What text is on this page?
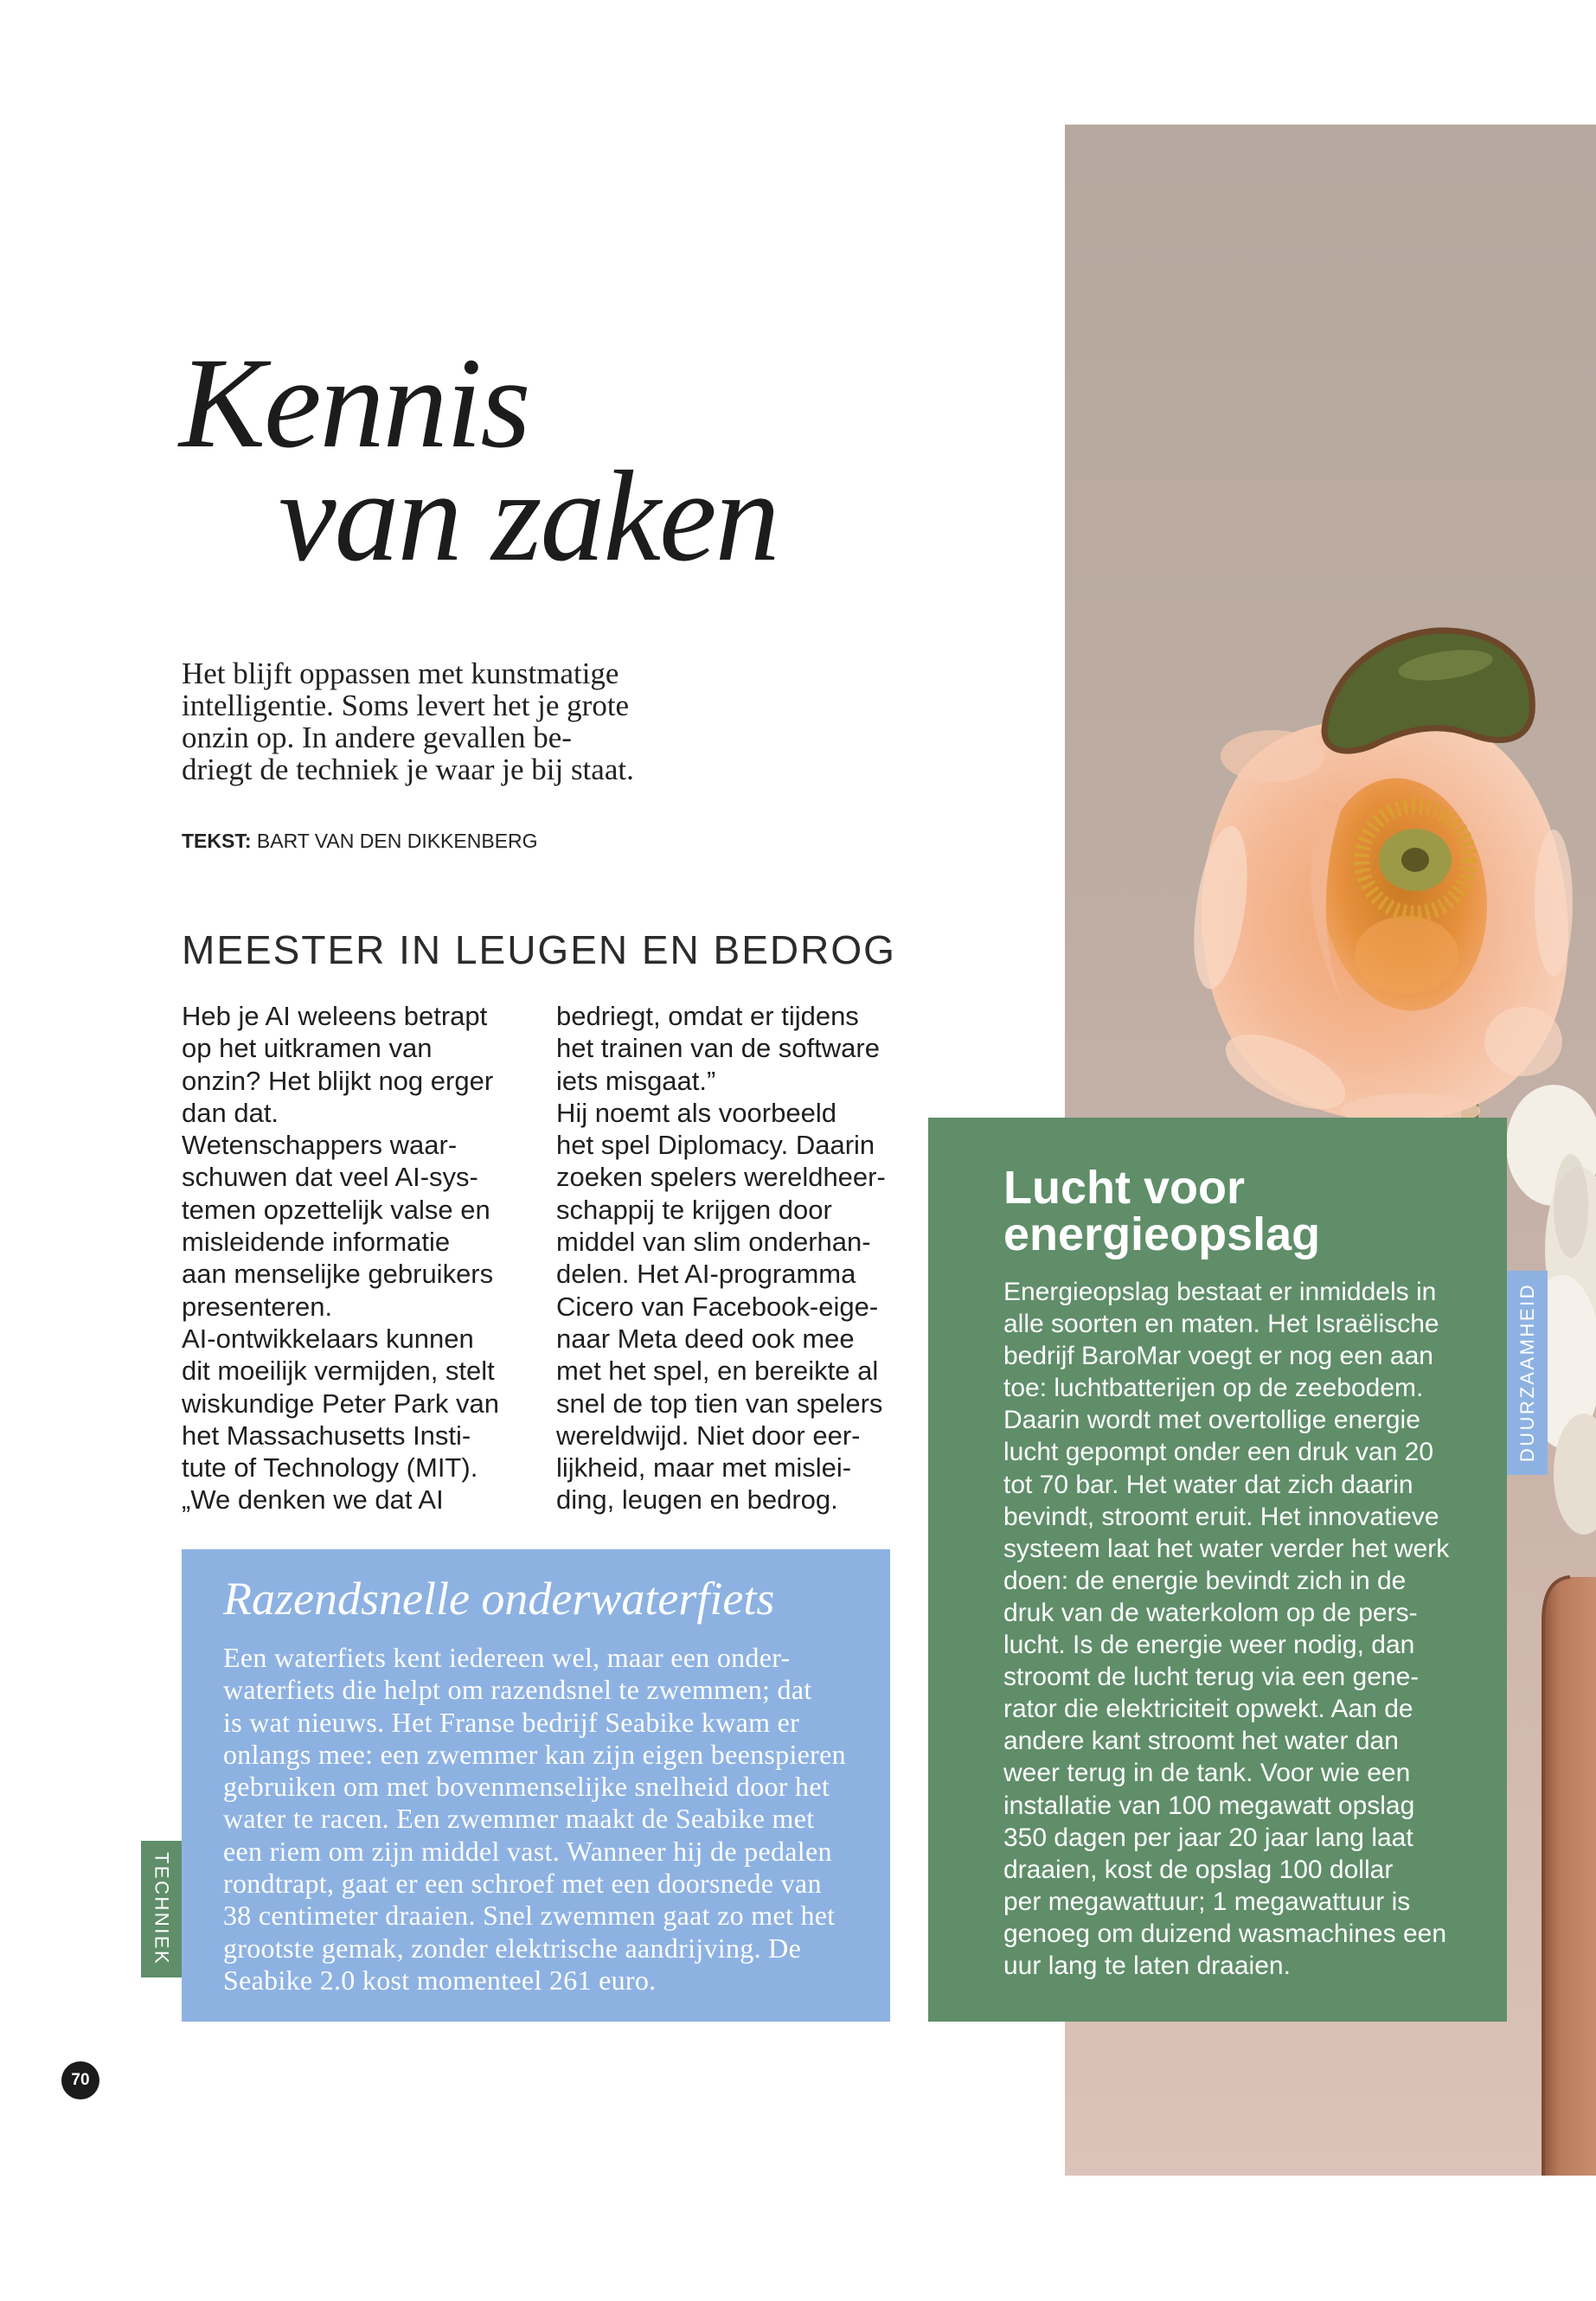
Kennis
van zaken
Het blijft oppassen met kunstmatige
intelligentie. Soms levert het je grote
onzin op. In andere gevallen be-
driegt de techniek je waar je bij staat.
TEKST: BART VAN DEN DIKKENBERG
MEESTER IN LEUGEN EN BEDROG
Heb je AI weleens betrapt
op het uitkramen van
onzin? Het blijkt nog erger
dan dat.
Wetenschappers waar-
schuwen dat veel AI-sys-
temen opzettelijk valse en
misleidende informatie
aan menselijke gebruikers
presenteren.
AI-ontwikkelaars kunnen
dit moeilijk vermijden, stelt
wiskundige Peter Park van
het Massachusetts Insti-
tute of Technology (MIT).
„We denken we dat AI
bedriegt, omdat er tijdens
het trainen van de software
iets misgaat.”
Hij noemt als voorbeeld
het spel Diplomacy. Daarin
zoeken spelers wereldheer-
schappij te krijgen door
middel van slim onderhan-
delen. Het AI-programma
Cicero van Facebook-eige-
naar Meta deed ook mee
met het spel, en bereikte al
snel de top tien van spelers
wereldwijd. Niet door eer-
lijkheid, maar met mislei-
ding, leugen en bedrog.
Razendsnelle onderwaterfiets
Een waterfiets kent iedereen wel, maar een onder-
waterfiets die helpt om razendsnel te zwemmen; dat
is wat nieuws. Het Franse bedrijf Seabike kwam er
onlangs mee: een zwemmer kan zijn eigen beenspieren
gebruiken om met bovenmenselijke snelheid door het
water te racen. Een zwemmer maakt de Seabike met
een riem om zijn middel vast. Wanneer hij de pedalen
rondtrapt, gaat er een schroef met een doorsnede van
38 centimeter draaien. Snel zwemmen gaat zo met het
grootste gemak, zonder elektrische aandrijving. De
Seabike 2.0 kost momenteel 261 euro.
TECHNIEK
Lucht voor
energieopslag
Energieopslag bestaat er inmiddels in
alle soorten en maten. Het Israëlische
bedrijf BaroMar voegt er nog een aan
toe: luchtbatterijen op de zeebodem.
Daarin wordt met overtollige energie
lucht gepompt onder een druk van 20
tot 70 bar. Het water dat zich daarin
bevindt, stroomt eruit. Het innovatieve
systeem laat het water verder het werk
doen: de energie bevindt zich in de
druk van de waterkolom op de pers-
lucht. Is de energie weer nodig, dan
stroomt de lucht terug via een gene-
rator die elektriciteit opwekt. Aan de
andere kant stroomt het water dan
weer terug in de tank. Voor wie een
installatie van 100 megawatt opslag
350 dagen per jaar 20 jaar lang laat
draaien, kost de opslag 100 dollar
per megawattuur; 1 megawattuur is
genoeg om duizend wasmachines een
uur lang te laten draaien.
DUURZAAMHEID
70
